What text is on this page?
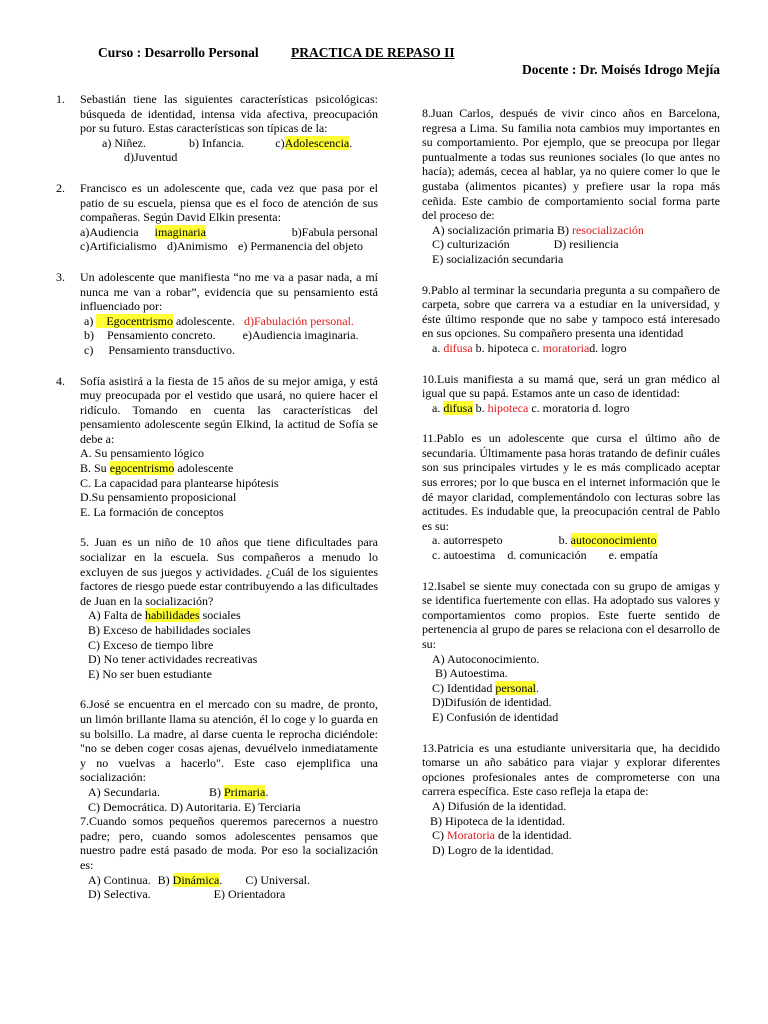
Curso : Desarrollo Personal PRACTICA DE REPASO II
Docente : Dr. Moisés Idrogo Mejía
1. Sebastián tiene las siguientes características psicológicas: búsqueda de identidad, intensa vida afectiva, preocupación por su futuro. Estas características son típicas de la:

a) Niñez.	b) Infancia.	c)Adolescencia.
d)Juventud
2. Francisco es un adolescente que, cada vez que pasa por el patio de su escuela, piensa que es el foco de atención de sus compañeras. Según David Elkin presenta:

a)Audiencia imaginaria	b)Fabula personal
c)Artificialismo d)Animismo e) Permanencia del objeto
3. Un adolescente que manifiesta “no me va a pasar nada, a mí nunca me van a robar”, evidencia que su pensamiento está influenciado por:

a) Egocentrismo adolescente. d)Fabulación personal.
b) Pensamiento concreto. e)Audiencia imaginaria.
c) Pensamiento transductivo.
4. Sofía asistirá a la fiesta de 15 años de su mejor amiga, y está muy preocupada por el vestido que usará, no quiere hacer el ridículo. Tomando en cuenta las características del pensamiento adolescente según Elkind, la actitud de Sofía se debe a:

A. Su pensamiento lógico
B. Su egocentrismo adolescente
C. La capacidad para plantearse hipótesis
D.Su pensamiento proposicional
E. La formación de conceptos

5. Juan es un niño de 10 años que tiene dificultades para socializar en la escuela. Sus compañeros a menudo lo excluyen de sus juegos y actividades. ¿Cuál de los siguientes factores de riesgo puede estar contribuyendo a las dificultades de Juan en la socialización?

A) Falta de habilidades sociales
B) Exceso de habilidades sociales
C) Exceso de tiempo libre
D) No tener actividades recreativas
E) No ser buen estudiante

6.José se encuentra en el mercado con su madre, de pronto, un limón brillante llama su atención, él lo coge y lo guarda en su bolsillo. La madre, al darse cuenta le reprocha diciéndole: "no se deben coger cosas ajenas, devuélvelo inmediatamente y no vuelvas a hacerlo". Este caso ejemplifica una socialización:

A) Secundaria.	B) Primaria.
C) Democrática. D) Autoritaria. E) Terciaria

7.Cuando somos pequeños queremos parecernos a nuestro padre; pero, cuando somos adolescentes pensamos que nuestro padre está pasado de moda. Por eso la socialización es:

A) Continua. B) Dinámica. C) Universal.
D) Selectiva.	E) Orientadora

8.Juan Carlos, después de vivir cinco años en Barcelona, regresa a Lima. Su familia nota cambios muy importantes en su comportamiento. Por ejemplo, que se preocupa por llegar puntualmente a todas sus reuniones sociales (lo que antes no hacía); además, cecea al hablar, ya no quiere comer lo que le gustaba (alimentos picantes) y prefiere usar la ropa más ceñida. Este cambio de comportamiento social forma parte del proceso de:

A) socialización primaria B) resocialización
C) culturización	D) resiliencia
E) socialización secundaria

9.Pablo al terminar la secundaria pregunta a su compañero de carpeta, sobre que carrera va a estudiar en la universidad, y éste último responde que no sabe y tampoco está interesado en sus opciones. Su compañero presenta una identidad

a. difusa b. hipoteca c. moratoriad. logro

10.Luis manifiesta a su mamá que, será un gran médico al igual que su papá. Estamos ante un caso de identidad:

a. difusa b. hipoteca c. moratoria d. logro

11.Pablo es un adolescente que cursa el último año de secundaria. Últimamente pasa horas tratando de definir cuáles son sus principales virtudes y le es más complicado aceptar sus errores; por lo que busca en el internet información que le dé mayor claridad, complementándolo con lecturas sobre las actitudes. Es indudable que, la preocupación central de Pablo es su:

a. autorrespeto	b. autoconocimiento
c. autoestima d. comunicación e. empatía

12.Isabel se siente muy conectada con su grupo de amigas y se identifica fuertemente con ellas. Ha adoptado sus valores y comportamientos como propios. Este fuerte sentido de pertenencia al grupo de pares se relaciona con el desarrollo de su:

A) Autoconocimiento.
B) Autoestima.
C) Identidad personal.
D)Difusión de identidad.
E) Confusión de identidad

13.Patricia es una estudiante universitaria que, ha decidido tomarse un año sabático para viajar y explorar diferentes opciones profesionales antes de comprometerse con una carrera específica. Este caso refleja la etapa de:

A) Difusión de la identidad.
B) Hipoteca de la identidad.
C) Moratoria de la identidad.
D) Logro de la identidad.
